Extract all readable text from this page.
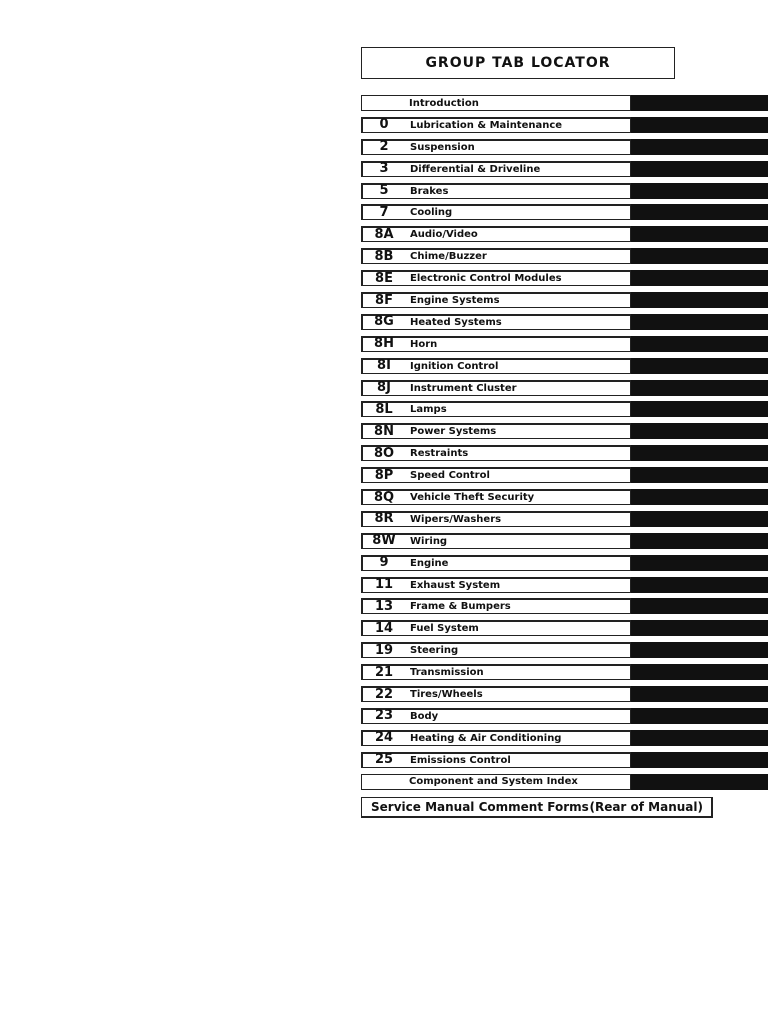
GROUP TAB LOCATOR
Introduction
0	Lubrication & Maintenance
2	Suspension
3	Differential & Driveline
5	Brakes
7	Cooling
8A	Audio/Video
8B	Chime/Buzzer
8E	Electronic Control Modules
8F	Engine Systems
8G	Heated Systems
8H	Horn
8I	Ignition Control
8J	Instrument Cluster
8L	Lamps
8N	Power Systems
8O	Restraints
8P	Speed Control
8Q	Vehicle Theft Security
8R	Wipers/Washers
8W	Wiring
9	Engine
11	Exhaust System
13	Frame & Bumpers
14	Fuel System
19	Steering
21	Transmission
22	Tires/Wheels
23	Body
24	Heating & Air Conditioning
25	Emissions Control
Component and System Index
Service Manual Comment Forms (Rear of Manual)
